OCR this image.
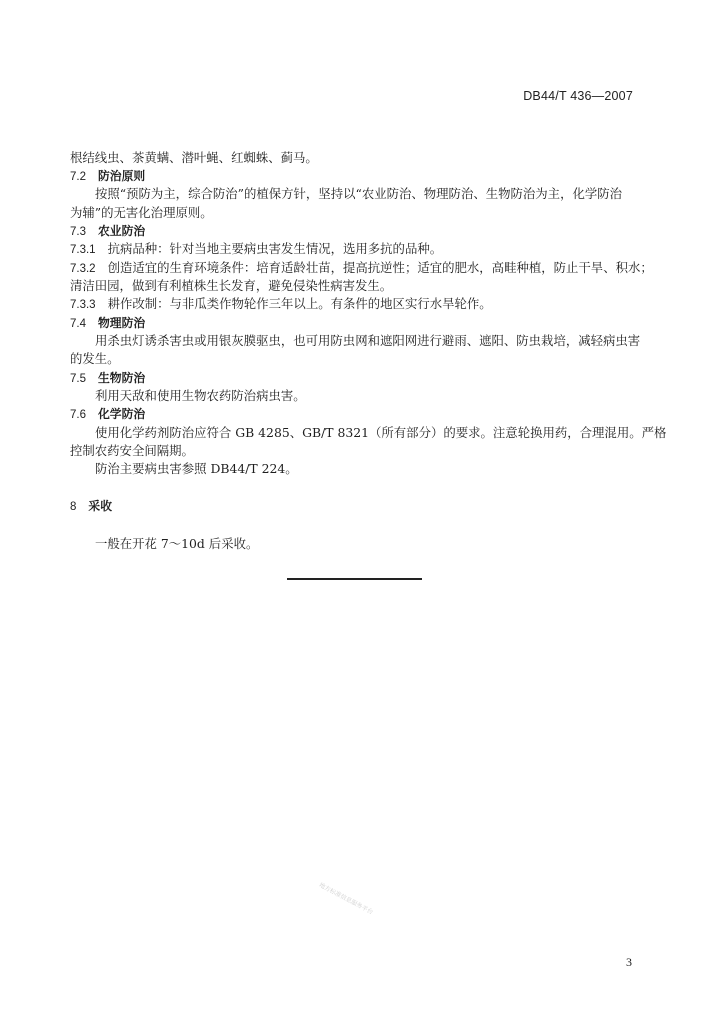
DB44/T 436—2007
根结线虫、茶黄螨、潜叶蝇、红蜘蛛、蓟马。
7.2 防治原则
按照“预防为主，综合防治”的植保方针，坚持以“农业防治、物理防治、生物防治为主，化学防治
为辅”的无害化治理原则。
7.3 农业防治
7.3.1 抗病品种：针对当地主要病虫害发生情况，选用多抗的品种。
7.3.2 创造适宜的生育环境条件：培育适龄壮苗，提高抗逆性；适宜的肥水，高畦种植，防止干旱、积水；
清洁田园，做到有利植株生长发育，避免侵染性病害发生。
7.3.3 耕作改制：与非瓜类作物轮作三年以上。有条件的地区实行水旱轮作。
7.4 物理防治
用杀虫灯诱杀害虫或用银灰膜驱虫，也可用防虫网和遮阳网进行避雨、遮阳、防虫栽培，减轻病虫害
的发生。
7.5 生物防治
利用天敌和使用生物农药防治病虫害。
7.6 化学防治
使用化学药剂防治应符合 GB 4285、GB/T 8321（所有部分）的要求。注意轮换用药，合理混用。严格
控制农药安全间隔期。
防治主要病虫害参照 DB44/T 224。
8 采收
一般在开花 7～10d 后采收。
地方标准信息服务平台
3
